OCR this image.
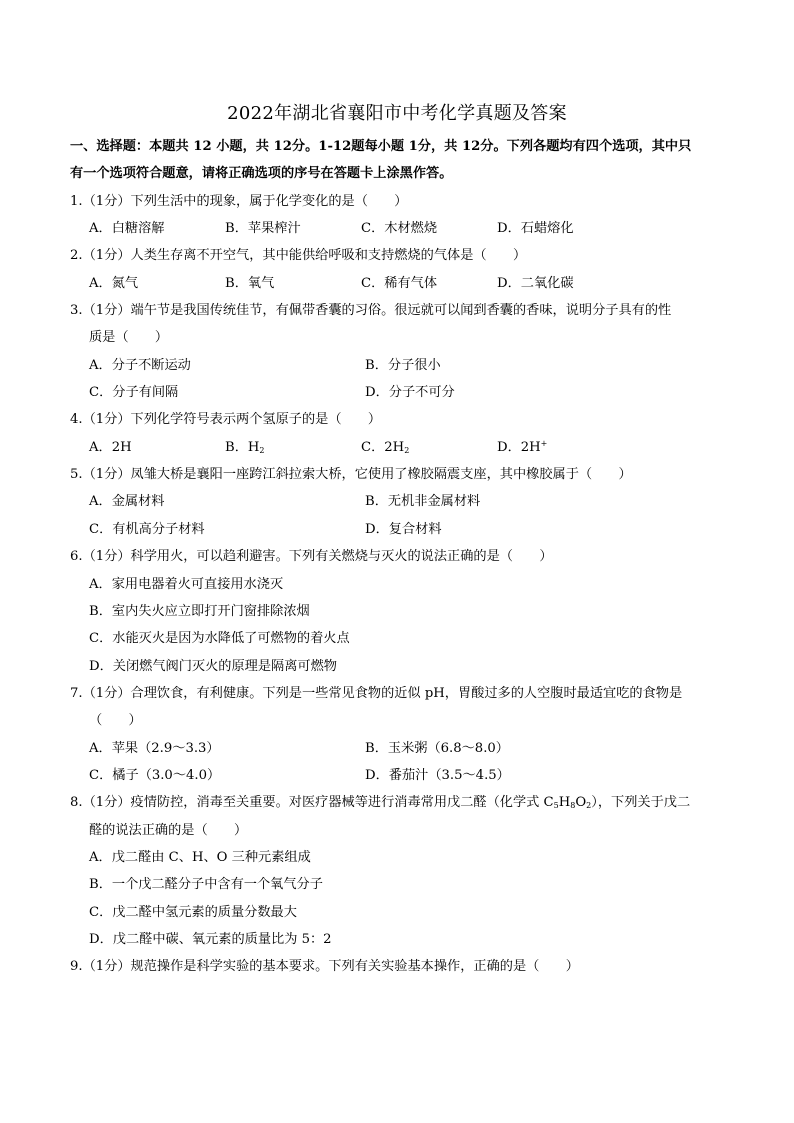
2022年湖北省襄阳市中考化学真题及答案
一、选择题：本题共 12 小题，共 12分。1-12题每小题 1分，共 12分。下列各题均有四个选项，其中只
有一个选项符合题意，请将正确选项的序号在答题卡上涂黑作答。
1.（1分）下列生活中的现象，属于化学变化的是（　　）
A．白糖溶解	B．苹果榨汁	C．木材燃烧	D．石蜡熔化
2.（1分）人类生存离不开空气，其中能供给呼吸和支持燃烧的气体是（　　）
A．氮气	B．氧气	C．稀有气体	D．二氧化碳
3.（1分）端午节是我国传统佳节，有佩带香囊的习俗。很远就可以闻到香囊的香味，说明分子具有的性
质是（　　）
A．分子不断运动	B．分子很小
C．分子有间隔	D．分子不可分
4.（1分）下列化学符号表示两个氢原子的是（　　）
A．2H	B．$H_2$	C．$2H_2$	D．2H+
5.（1分）凤雏大桥是襄阳一座跨江斜拉索大桥，它使用了橡胶隔震支座，其中橡胶属于（　　）
A．金属材料	B．无机非金属材料
C．有机高分子材料	D．复合材料
6.（1分）科学用火，可以趋利避害。下列有关燃烧与灭火的说法正确的是（　　）
A．家用电器着火可直接用水浇灭
B．室内失火应立即打开门窗排除浓烟
C．水能灭火是因为水降低了可燃物的着火点
D．关闭燃气阀门灭火的原理是隔离可燃物
7.（1分）合理饮食，有利健康。下列是一些常见食物的近似 pH，胃酸过多的人空腹时最适宜吃的食物是
（　　）
A．苹果（2.9～3.3）	B．玉米粥（6.8～8.0）
C．橘子（3.0～4.0）	D．番茄汁（3.5～4.5）
8.（1分）疫情防控，消毒至关重要。对医疗器械等进行消毒常用戊二醛（化学式 $C_5H_8O_2$），下列关于戊二
醛的说法正确的是（　　）
A．戊二醛由 C、H、O 三种元素组成
B．一个戊二醛分子中含有一个氧气分子
C．戊二醛中氢元素的质量分数最大
D．戊二醛中碳、氧元素的质量比为 5：2
9.（1分）规范操作是科学实验的基本要求。下列有关实验基本操作，正确的是（　　）
